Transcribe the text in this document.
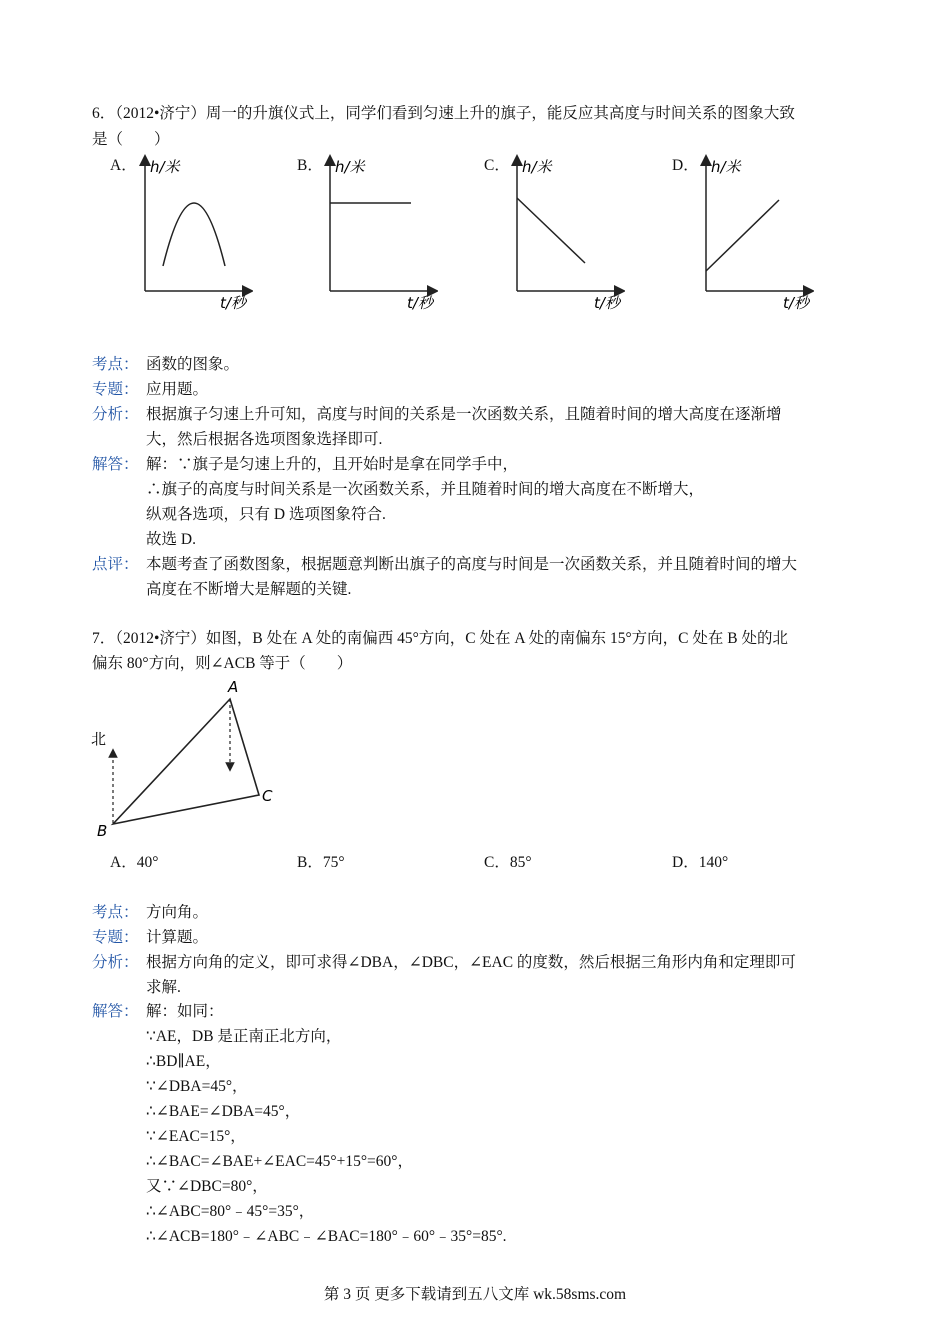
6．（2012•济宁）周一的升旗仪式上，同学们看到匀速上升的旗子，能反应其高度与时间关系的图象大致
是（　　）
A．	B．	C．	D．
h/米
t/秒
h/米
t/秒
h/米
t/秒
h/米
t/秒
考点： 函数的图象。
专题： 应用题。
分析： 根据旗子匀速上升可知，高度与时间的关系是一次函数关系，且随着时间的增大高度在逐渐增
大，然后根据各选项图象选择即可.
解答： 解：∵旗子是匀速上升的，且开始时是拿在同学手中，
∴旗子的高度与时间关系是一次函数关系，并且随着时间的增大高度在不断增大，
纵观各选项，只有 D 选项图象符合.
故选 D.
点评： 本题考查了函数图象，根据题意判断出旗子的高度与时间是一次函数关系，并且随着时间的增大
高度在不断增大是解题的关键.
7．（2012•济宁）如图，B 处在 A 处的南偏西 45°方向，C 处在 A 处的南偏东 15°方向，C 处在 B 处的北
偏东 80°方向，则∠ACB 等于（　　）
北
A
B
C
A．40°	B．75°	C．85°	D．140°
考点： 方向角。
专题： 计算题。
分析： 根据方向角的定义，即可求得∠DBA，∠DBC，∠EAC 的度数，然后根据三角形内角和定理即可
求解.
解答： 解：如同：
∵AE，DB 是正南正北方向，
∴BD∥AE，
∵∠DBA=45°，
∴∠BAE=∠DBA=45°，
∵∠EAC=15°，
∴∠BAC=∠BAE+∠EAC=45°+15°=60°，
又∵∠DBC=80°，
∴∠ABC=80°﹣45°=35°，
∴∠ACB=180°﹣∠ABC﹣∠BAC=180°﹣60°﹣35°=85°.
第 3 页 更多下载请到五八文库 wk.58sms.com
